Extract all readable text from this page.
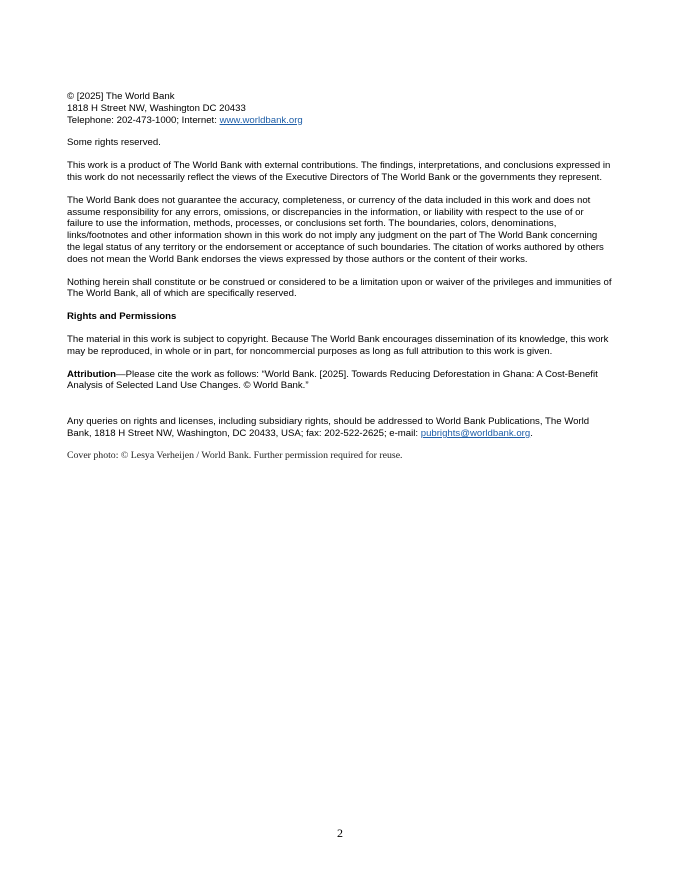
© [2025] The World Bank
1818 H Street NW, Washington DC 20433
Telephone: 202-473-1000; Internet: www.worldbank.org

Some rights reserved.

This work is a product of The World Bank with external contributions. The findings, interpretations, and conclusions expressed in this work do not necessarily reflect the views of the Executive Directors of The World Bank or the governments they represent.

The World Bank does not guarantee the accuracy, completeness, or currency of the data included in this work and does not assume responsibility for any errors, omissions, or discrepancies in the information, or liability with respect to the use of or failure to use the information, methods, processes, or conclusions set forth. The boundaries, colors, denominations, links/footnotes and other information shown in this work do not imply any judgment on the part of The World Bank concerning the legal status of any territory or the endorsement or acceptance of such boundaries. The citation of works authored by others does not mean the World Bank endorses the views expressed by those authors or the content of their works.

Nothing herein shall constitute or be construed or considered to be a limitation upon or waiver of the privileges and immunities of The World Bank, all of which are specifically reserved.

Rights and Permissions

The material in this work is subject to copyright. Because The World Bank encourages dissemination of its knowledge, this work may be reproduced, in whole or in part, for noncommercial purposes as long as full attribution to this work is given.

Attribution—Please cite the work as follows: “World Bank. [2025]. Towards Reducing Deforestation in Ghana: A Cost-Benefit Analysis of Selected Land Use Changes. © World Bank.”

Any queries on rights and licenses, including subsidiary rights, should be addressed to World Bank Publications, The World Bank, 1818 H Street NW, Washington, DC 20433, USA; fax: 202-522-2625; e-mail: pubrights@worldbank.org.

Cover photo: © Lesya Verheijen / World Bank. Further permission required for reuse.

2
